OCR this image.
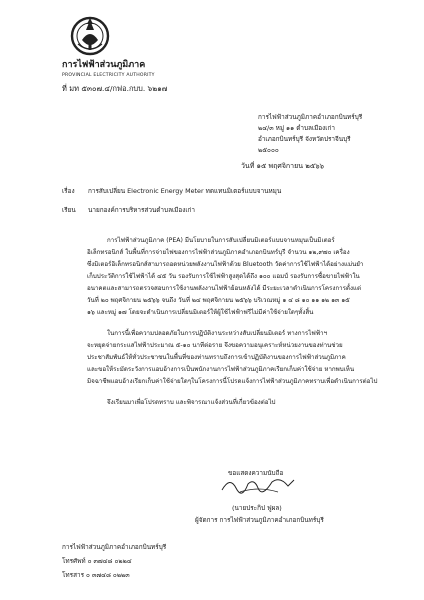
การไฟฟ้าส่วนภูมิภาค
PROVINCIAL ELECTRICITY AUTHORITY
ที่ มท ๕๓๐๗.๔/กฟอ.กบบ. ๖๒๑๗
การไฟฟ้าส่วนภูมิภาคอำเภอกบินทร์บุรี
๒๔/๓ หมู่ ๑๑ ตำบลเมืองเก่า
อำเภอกบินทร์บุรี จังหวัดปราจีนบุรี
๒๕๐๐๐
วันที่ ๑๕ พฤศจิกายน ๒๕๖๖
เรื่อง การสับเปลี่ยน Electronic Energy Meter ทดแทนมิเตอร์แบบจานหมุน
เรียน นายกองค์การบริหารส่วนตำบลเมืองเก่า
การไฟฟ้าส่วนภูมิภาค (PEA) มีนโยบายในการสับเปลี่ยนมิเตอร์แบบจานหมุนเป็นมิเตอร์
อิเล็กทรอนิกส์ ในพื้นที่การจ่ายไฟของการไฟฟ้าส่วนภูมิภาคอำเภอกบินทร์บุรี จำนวน ๑๒,๙๗๐ เครื่อง
ซึ่งมิเตอร์อิเล็กทรอนิกส์สามารถอดหน่วยพลังงานไฟฟ้าด้วย Bluetooth วัดค่าการใช้ไฟฟ้าได้อย่างแม่นยำ
เก็บประวัติการใช้ไฟฟ้าได้ ๔๕ วัน รองรับการใช้ไฟฟ้าสูงสุดได้ถึง ๑๐๐ แอมป์ รองรับการซื้อขายไฟฟ้าใน
อนาคตและสามารถตรวจสอบการใช้งานพลังงานไฟฟ้าย้อนหลังได้ มีระยะเวลาดำเนินการโครงการตั้งแต่
วันที่ ๒๐ พฤศจิกายน ๒๕๖๖ จนถึง วันที่ ๒๔ พฤศจิกายน ๒๕๖๖ บริเวณหมู่ ๑ ๔ ๘ ๑๐ ๑๑ ๑๒ ๑๓ ๑๕
๑๖ และหมู่ ๑๗ โดยจะดำเนินการเปลี่ยนมิเตอร์ให้ผู้ใช้ไฟฟ้าฟรีไม่มีค่าใช้จ่ายใดๆทั้งสิ้น
ในการนี้เพื่อความปลอดภัยในการปฏิบัติงานระหว่างสับเปลี่ยนมิเตอร์ ทางการไฟฟ้าฯ
จะหยุดจ่ายกระแสไฟฟ้าประมาณ ๕-๑๐ นาทีต่อราย จึงขอความอนุเคราะห์หน่วยงานของท่านช่วย
ประชาสัมพันธ์ให้ทั่วประชาชนในพื้นที่ของท่านทราบถึงการเข้าปฏิบัติงานของการไฟฟ้าส่วนภูมิภาค
และขอให้ระมัดระวังการแอบอ้างการเป็นพนักงานการไฟฟ้าส่วนภูมิภาคเรียกเก็บค่าใช้จ่าย หากพบเห็น
มิจฉาชีพแอบอ้างเรียกเก็บค่าใช้จ่ายใดๆในโครงการนี้โปรดแจ้งการไฟฟ้าส่วนภูมิภาคทราบเพื่อดำเนินการต่อไป
จึงเรียนมาเพื่อโปรดทราบ และพิจารณาแจ้งส่วนที่เกี่ยวข้องต่อไป
ขอแสดงความนับถือ
(นายประกิป ฟูผล)
ผู้จัดการ การไฟฟ้าส่วนภูมิภาคอำเภอกบินทร์บุรี
การไฟฟ้าส่วนภูมิภาคอำเภอกบินทร์บุรี
โทรศัพท์ ๐ ๓๗๔๘ ๐๒๒๔
โทรสาร ๐ ๓๗๔๘ ๐๒๒๓
